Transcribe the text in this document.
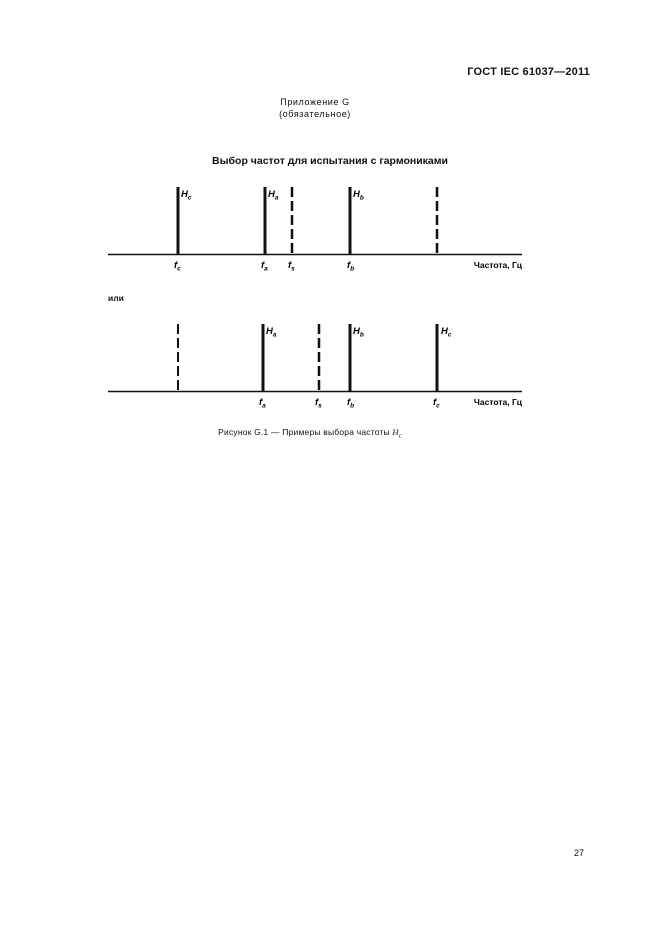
ГОСТ IEC 61037—2011
Приложение G
(обязательное)
Выбор частот для испытания с гармониками
$H_c$	$H_a$	$H_b$
$f_c$	$f_a$ $f_s$	$f_b$	Частота, Гц
$H_a$	$H_b$	$H_c$
$f_a$	$f_s$	$f_b$	$f_c$	Частота, Гц
или
Рисунок G.1 — Примеры выбора частоты $H_c$
27
